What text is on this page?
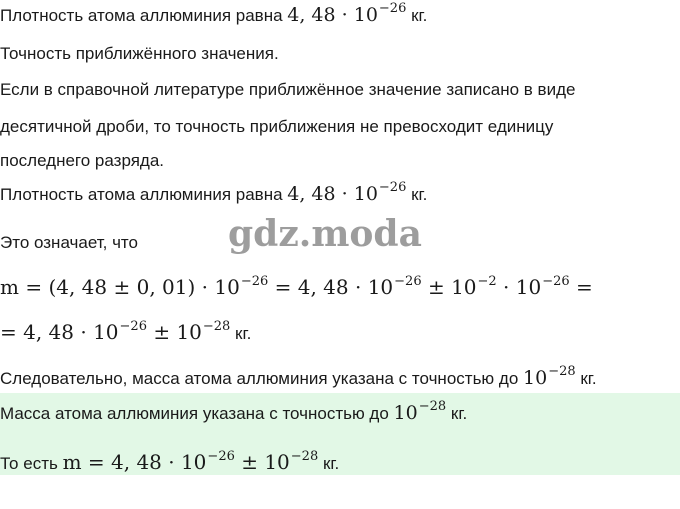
Плотность атома аллюминия равна 4, $48 \cdot 10^{-26}$ кг.
Точность приближённого значения.
Если в справочной литературе приближённое значение записано в виде
десятичной дроби, то точность приближения не превосходит единицу
последнего разряда.
Плотность атома аллюминия равна 4, $48 \cdot 10^{-26}$ кг.
Это означает, что	gdz.moda
m = (4, 48 ± 0, $01) \cdot 10^{-26} = 4$, $48 \cdot 10^{-26} \pm 10^{-2} \cdot 10^{-26}$ =
= 4, $48 \cdot 10^{-26} \pm 10^{-28}$ кг.
Следовательно, масса атома аллюминия указана с точностью до $10^{-28}$ кг.
Масса атома аллюминия указана с точностью до $10^{-28}$ кг.
То есть m = 4, $48 \cdot 10^{-26} \pm 10^{-28}$ кг.
